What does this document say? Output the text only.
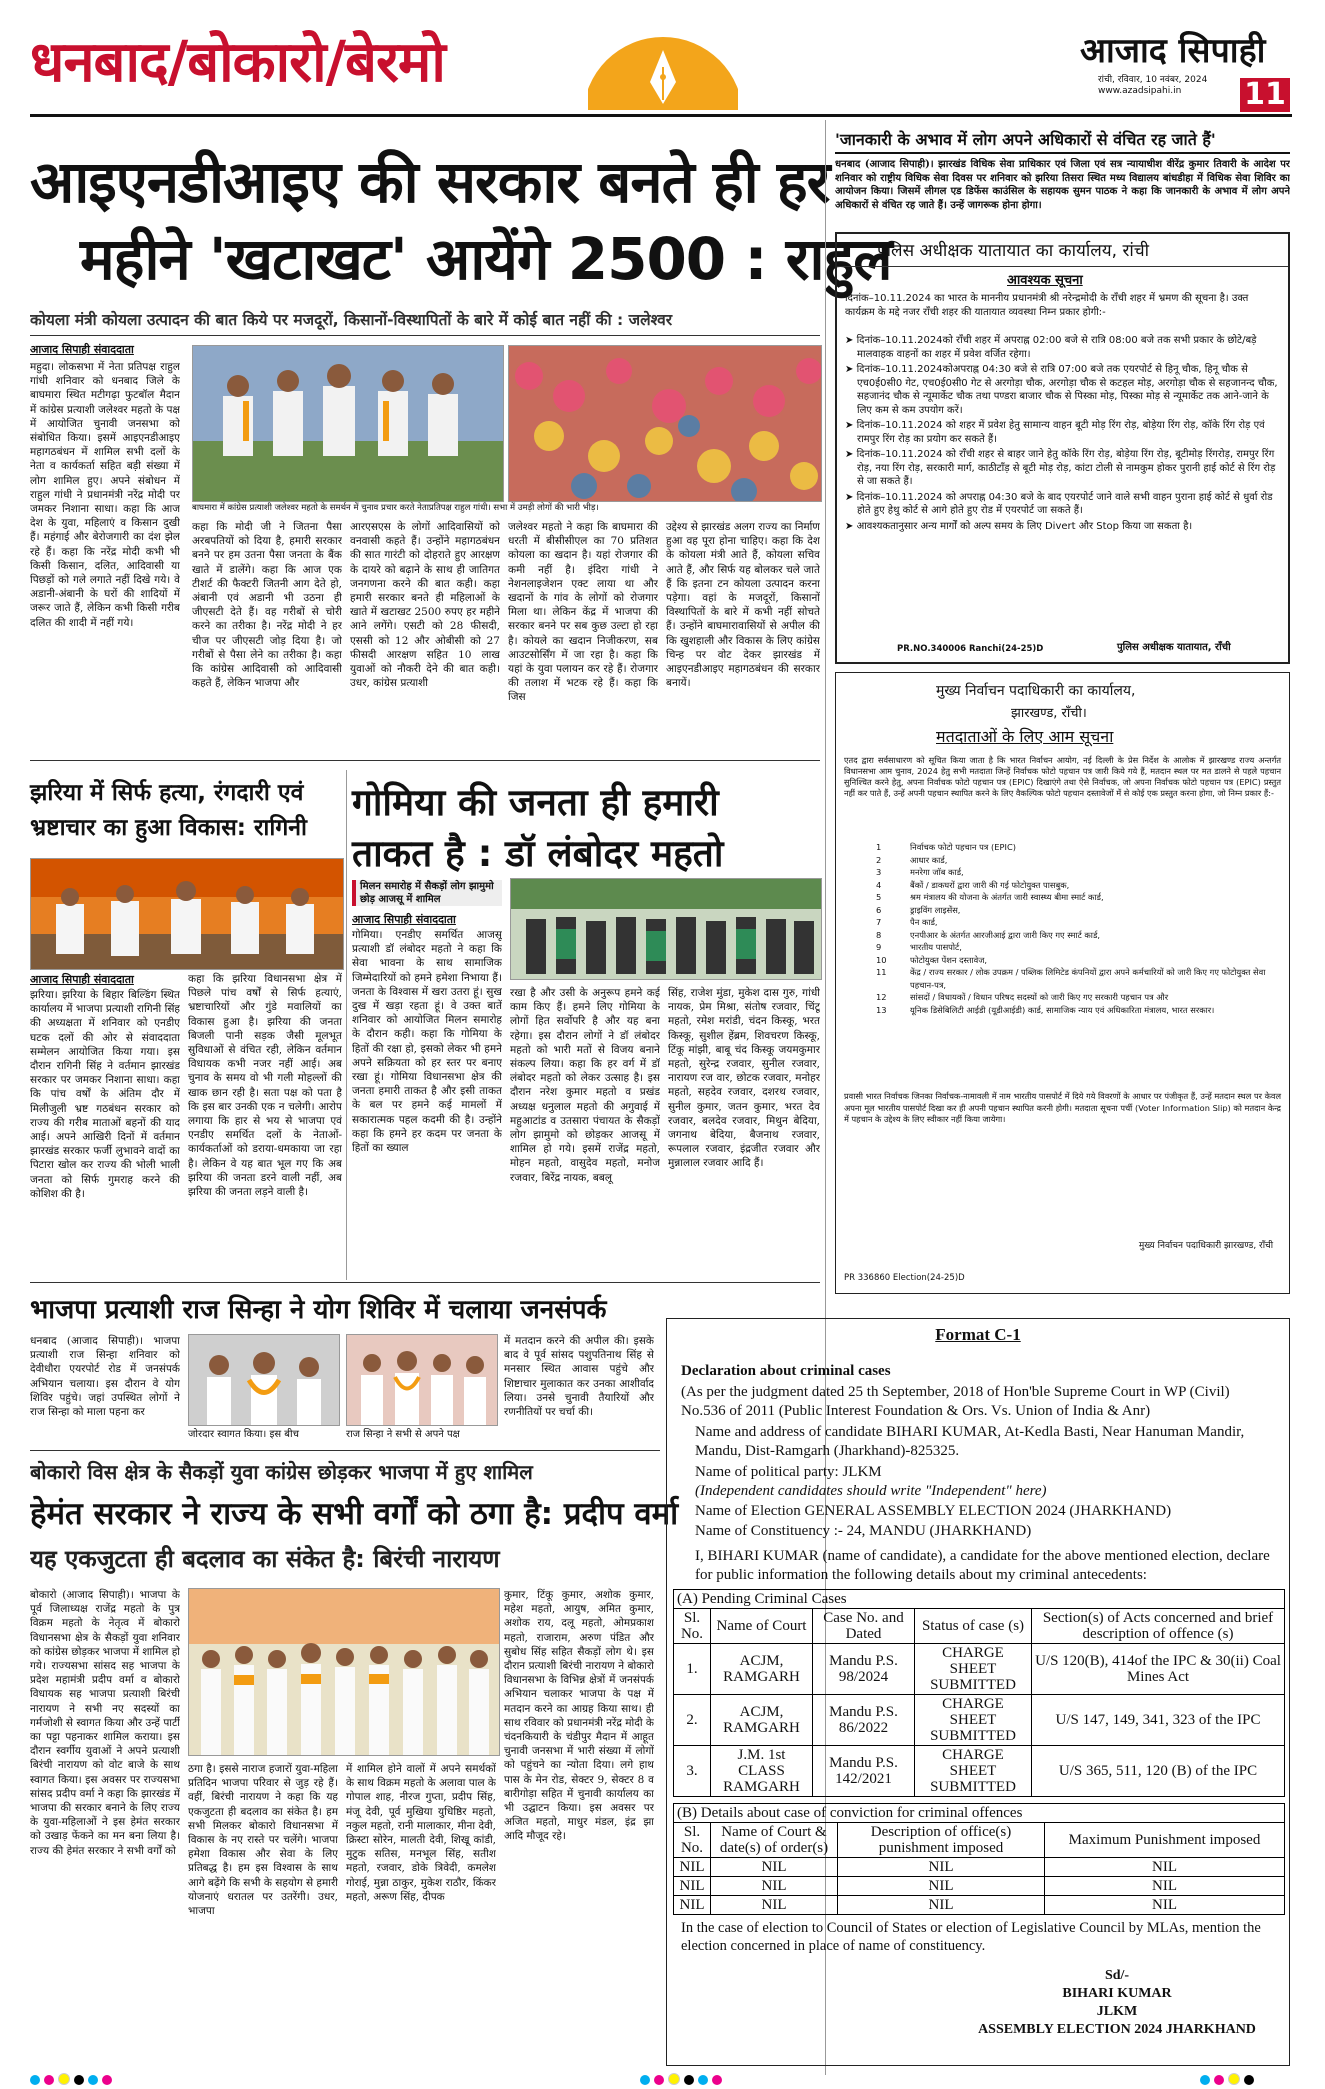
धनबाद/बोकारो/बेरमो	आजाद सिपाही
रांची, रविवार, 10 नवंबर, 2024
www.azadsipahi.in 11
आइएनडीआइए की सरकार बनते ही हर
महीने 'खटाखट' आयेंगे 2500 : राहुल
कोयला मंत्री कोयला उत्पादन की बात किये पर मजदूरों, किसानों-विस्थापितों के बारे में कोई बात नहीं की : जलेश्वर
आजाद सिपाही संवाददाता
महुदा। लोकसभा में नेता प्रतिपक्ष राहुल गांधी शनिवार को धनबाद जिले के बाघमारा स्थित मटीगढ़ा फुटबॉल मैदान में कांग्रेस प्रत्याशी जलेश्वर महतो के पक्ष में आयोजित चुनावी जनसभा को संबोधित किया। इसमें आइएनडीआइए महागठबंधन में शामिल सभी दलों के नेता व कार्यकर्ता सहित बड़ी संख्या में लोग शामिल हुए। अपने संबोधन में राहुल गांधी ने प्रधानमंत्री नरेंद्र मोदी पर जमकर निशाना साधा। कहा कि आज देश के युवा, महिलाएं व किसान दुखी हैं। महंगाई और बेरोजगारी का दंश झेल रहे हैं। कहा कि नरेंद्र मोदी कभी भी किसी किसान, दलित, आदिवासी या पिछड़ों को गले लगाते नहीं दिखे गये। वे अडानी-अंबानी के घरों की शादियों में जरूर जाते हैं, लेकिन कभी किसी गरीब दलित की शादी में नहीं गये।
बाघमारा में कांग्रेस प्रत्याशी जलेश्वर महतो के समर्थन में चुनाव प्रचार करते नेताप्रतिपक्ष राहुल गांधी। सभा में उमड़ी लोगों की भारी भीड़।
कहा कि मोदी जी ने जितना पैसा अरबपतियों को दिया है, हमारी सरकार बनने पर हम उतना पैसा जनता के बैंक खाते में डालेंगे। कहा कि आज एक टीशर्ट की फैक्टरी जितनी आग देते हो, अंबानी एवं अडानी भी उठना ही जीएसटी देते हैं। वह गरीबों से चोरी करने का तरीका है। नरेंद्र मोदी ने हर चीज पर जीएसटी जोड़ दिया है। जो गरीबों से पैसा लेने का तरीका है। कहा कि कांग्रेस आदिवासी को आदिवासी कहते हैं, लेकिन भाजपा और
आरएसएस के लोगों आदिवासियों को वनवासी कहते हैं। उन्होंने महागठबंधन की सात गारंटी को दोहराते हुए आरक्षण के दायरे को बढ़ाने के साथ ही जातिगत जनगणना करने की बात कही। कहा हमारी सरकार बनते ही महिलाओं के खाते में खटाखट 2500 रुपए हर महीने आने लगेंगे। एसटी को 28 फीसदी, एससी को 12 और ओबीसी को 27 फीसदी आरक्षण सहित 10 लाख युवाओं को नौकरी देने की बात कही। उधर, कांग्रेस प्रत्याशी
जलेश्वर महतो ने कहा कि बाघमारा की धरती में बीसीसीएल का 70 प्रतिशत कोयला का खदान है। यहां रोजगार की कमी नहीं है। इंदिरा गांधी ने नेशनलाइजेशन एक्ट लाया था और खदानों के गांव के लोगों को रोजगार मिला था। लेकिन केंद्र में भाजपा की सरकार बनने पर सब कुछ उल्टा हो रहा है। कोयले का खदान निजीकरण, सब आउटसोर्सिंग में जा रहा है। कहा कि यहां के युवा पलायन कर रहे हैं। रोजगार की तलाश में भटक रहे हैं। कहा कि जिस
उद्देश्य से झारखंड अलग राज्य का निर्माण हुआ वह पूरा होना चाहिए। कहा कि देश के कोयला मंत्री आते हैं, कोयला सचिव आते हैं, और सिर्फ यह बोलकर चले जाते हैं कि इतना टन कोयला उत्पादन करना पड़ेगा। वहां के मजदूरों, किसानों विस्थापितों के बारे में कभी नहीं सोचते हैं। उन्होंने बाघमारावासियों से अपील की कि खुशहाली और विकास के लिए कांग्रेस चिन्ह पर वोट देकर झारखंड में आइएनडीआइए महागठबंधन की सरकार बनायें।
'जानकारी के अभाव में लोग अपने अधिकारों से वंचित रह जाते हैं'
धनबाद (आजाद सिपाही)। झारखंड विधिक सेवा प्राधिकार एवं जिला एवं सत्र न्यायाधीश वीरेंद्र कुमार तिवारी के आदेश पर शनिवार को राष्ट्रीय विधिक सेवा दिवस पर शनिवार को झरिया तिसरा स्थित मध्य विद्यालय बांधडीहा में विधिक सेवा शिविर का आयोजन किया। जिसमें लीगल एड डिफेंस काउंसिल के सहायक सुमन पाठक ने कहा कि जानकारी के अभाव में लोग अपने अधिकारों से वंचित रह जाते हैं। उन्हें जागरूक होना होगा।
पुलिस अधीक्षक यातायात का कार्यालय, रांची
आवश्यक सूचना
दिनांक–10.11.2024 का भारत के माननीय प्रधानमंत्री श्री नरेन्द्रमोदी के रॉंची शहर में भ्रमण की सूचना है। उक्त कार्यक्रम के मद्दे नजर राँची शहर की यातायात व्यवस्था निम्न प्रकार होगी:-
➤ दिनांक–10.11.2024को राँची शहर में अपराह्न 02:00 बजे से रात्रि 08:00 बजे तक सभी प्रकार के छोटे/बड़े मालवाहक वाहनों का शहर में प्रवेश वर्जित रहेगा।
➤ दिनांक–10.11.2024कोअपराह्न 04:30 बजे से रात्रि 07:00 बजे तक एयरपोर्ट से हिनू चौक, हिनू चौक से एच0ई0सी0 गेट, एच0ई0सी0 गेट से अरगोड़ा चौक, अरगोड़ा चौक से कटहल मोड़, अरगोड़ा चौक से सहजानन्द चौक, सहजानंद चौक से न्यूमार्केट चौक तथा पण्डरा बाजार चौक से पिस्का मोड़, पिस्का मोड़ से न्यूमार्केट तक आने-जाने के लिए कम से कम उपयोग करें।
➤ दिनांक–10.11.2024 को शहर में प्रवेश हेतु सामान्य वाहन बूटी मोड़ रिंग रोड़, बोड़ेया रिंग रोड़, कॉके रिंग रोड़ एवं रामपुर रिंग रोड़ का प्रयोग कर सकते हैं।
➤ दिनांक–10.11.2024 को राँची शहर से बाहर जाने हेतु कॉके रिंग रोड़, बोड़ेया रिंग रोड़, बूटीमोड़ रिंगरोड़, रामपुर रिंग रोड़, नया रिंग रोड़, सरकारी मार्ग, काठीटाँड़ से बूटी मोड़ रोड़, कांटा टोली से नामकुम होकर पुरानी हाई कोर्ट से रिंग रोड़ से जा सकते हैं।
➤ दिनांक–10.11.2024 को अपराह्न 04:30 बजे के बाद एयरपोर्ट जाने वाले सभी वाहन पुराना हाई कोर्ट से धुर्वा रोड होते हुए हेथु कोर्ट से आगे होते हुए रोड में एयरपोर्ट जा सकते हैं।
➤ आवश्यकतानुसार अन्य मार्गों को अल्प समय के लिए Divert और Stop किया जा सकता है।
PR.NO.340006 Ranchi(24-25)D	पुलिस अधीक्षक यातायात, रॉंची
मुख्य निर्वाचन पदाधिकारी का कार्यालय,
झारखण्ड, राँची।
मतदाताओं के लिए आम सूचना
एतद द्वारा सर्वसाधारण को सूचित किया जाता है कि भारत निर्वाचन आयोग, नई दिल्ली के प्रेस निर्देश के आलोक में झारखण्ड राज्य अन्तर्गत विधानसभा आम चुनाव, 2024 हेतु सभी मतदाता जिन्हें निर्वाचक फोटो पहचान पत्र जारी किये गये हैं, मतदान स्थल पर मत डालने से पहले पहचान सुनिश्चित करने हेतु, अपना निर्वाचक फोटो पहचान पत्र (EPIC) दिखाएंगे तथा ऐसे निर्वाचक, जो अपना निर्वाचक फोटो पहचान पत्र (EPIC) प्रस्तुत नहीं कर पाते हैं, उन्हें अपनी पहचान स्थापित करने के लिए वैकल्पिक फोटो पहचान दस्तावेजों में से कोई एक प्रस्तुत करना होगा, जो निम्न प्रकार हैं:-
1	निर्वाचक फोटो पहचान पत्र (EPIC)
2	आधार कार्ड,
3	मनरेगा जॉब कार्ड,
4	बैंकों / डाकघरों द्वारा जारी की गई फोटोयुक्त पासबुक,
5	श्रम मंत्रालय की योजना के अंतर्गत जारी स्वास्थ्य बीमा स्मार्ट कार्ड,
6	ड्राइविंग लाइसेंस,
7	पैन कार्ड,
8	एनपीआर के अंतर्गत आरजीआई द्वारा जारी किए गए स्मार्ट कार्ड,
9	भारतीय पासपोर्ट,
10	फोटोयुक्त पेंशन दस्तावेज,
11	केंद्र / राज्य सरकार / लोक उपक्रम / पब्लिक लिमिटेड कंपनियों द्वारा अपने कर्मचारियों को जारी किए गए फोटोयुक्त सेवा पहचान-पत्र,
12	सांसदों / विधायकों / विधान परिषद सदस्यों को जारी किए गए सरकारी पहचान पत्र और
13	यूनिक डिसेबिलिटी आईडी (यूडीआईडी) कार्ड, सामाजिक न्याय एवं अधिकारिता मंत्रालय, भारत सरकार।
प्रवासी भारत निर्वाचक जिनका निर्वाचक-नामावली में नाम भारतीय पासपोर्ट में दिये गये विवरणों के आधार पर पंजीकृत हैं, उन्हें मतदान स्थल पर केवल अपना मूल भारतीय पासपोर्ट दिखा कर ही अपनी पहचान स्थापित करनी होगी। मतदाता सूचना पर्ची (Voter Information Slip) को मतदान केन्द्र में पहचान के उद्देश्य के लिए स्वीकार नहीं किया जायेगा।
मुख्य निर्वाचन पदाधिकारी झारखण्ड, रॉंची
PR 336860 Election(24-25)D
झरिया में सिर्फ हत्या, रंगदारी एवं
भ्रष्टाचार का हुआ विकास: रागिनी
आजाद सिपाही संवाददाता
झरिया। झरिया के बिहार बिल्डिंग स्थित कार्यालय में भाजपा प्रत्याशी रागिनी सिंह की अध्यक्षता में शनिवार को एनडीए घटक दलों की ओर से संवाददाता सम्मेलन आयोजित किया गया। इस दौरान रागिनी सिंह ने वर्तमान झारखंड सरकार पर जमकर निशाना साधा। कहा कि पांच वर्षों के अंतिम दौर में मिलीजुली भ्रष्ट गठबंधन सरकार को राज्य की गरीब माताओं बहनों की याद आई। अपने आखिरी दिनों में वर्तमान झारखंड सरकार फर्जी लुभावने वादों का पिटारा खोल कर राज्य की भोली भाली जनता को सिर्फ गुमराह करने की कोशिश की है।
कहा कि झरिया विधानसभा क्षेत्र में पिछले पांच वर्षों से सिर्फ हत्याएं, भ्रष्टाचारियों और गुंडे मवालियों का विकास हुआ है। झरिया की जनता बिजली पानी सड़क जैसी मूलभूत सुविधाओं से वंचित रही, लेकिन वर्तमान विधायक कभी नजर नहीं आई। अब चुनाव के समय वो भी गली मोहल्लों की खाक छान रही है। सता पक्ष को पता है कि इस बार उनकी एक न चलेगी। आरोप लगाया कि हार से भय से भाजपा एवं एनडीए समर्थित दलों के नेताओं-कार्यकर्ताओं को डराया-धमकाया जा रहा है। लेकिन वे यह बात भूल गए कि अब झरिया की जनता डरने वाली नहीं, अब झरिया की जनता लड़ने वाली है।
गोमिया की जनता ही हमारी
ताकत है : डॉ लंबोदर महतो
मिलन समारोह में सैकड़ों लोग झामुमो छोड़ आजसू में शामिल
आजाद सिपाही संवाददाता
गोमिया। एनडीए समर्थित आजसू प्रत्याशी डॉ लंबोदर महतो ने कहा कि सेवा भावना के साथ सामाजिक जिम्मेदारियों को हमने हमेशा निभाया हैं। जनता के विश्वास में खरा उतरा हूं। सुख दुख में खड़ा रहता हूं। वे उक्त बातें शनिवार को आयोजित मिलन समारोह के दौरान कही। कहा कि गोमिया के हितों की रक्षा हो, इसको लेकर भी हमने अपने सक्रियता को हर स्तर पर बनाए रखा हूं। गोमिया विधानसभा क्षेत्र की जनता हमारी ताकत है और इसी ताकत के बल पर हमने कई मामलों में सकारात्मक पहल कदमी की है। उन्होंने कहा कि हमने हर कदम पर जनता के हितों का ख्याल
रखा है और उसी के अनुरूप हमने कई काम किए हैं। हमने लिए गोमिया के लोगों हित सर्वोपरि है और यह बना रहेगा। इस दौरान लोगों ने डॉ लंबोदर महतो को भारी मतों से विजय बनाने संकल्प लिया। कहा कि हर वर्ग में डॉ लंबोदर महतो को लेकर उत्साह है। इस दौरान नरेश कुमार महतो व प्रखंड अध्यक्ष धनुलाल महतो की अगुवाई में महुआटांड व उतसारा पंचायत के सैकड़ों लोग झामुमो को छोड़कर आजसू में शामिल हो गये। इसमें राजेंद्र महतो, मोहन महतो, वासुदेव महतो, मनोज रजवार, बिरेंद्र नायक, बबलू
सिंह, राजेश मुंडा, मुकेश दास गुरु, गांधी नायक, प्रेम मिश्रा, संतोष रजवार, चिंटू महतो, रमेश मरांडी, चंदन किस्कू, भरत किस्कू, सुशील हेंब्रम, शिवचरण किस्कू, टिंकू मांझी, बाबू चंद किस्कू जयमकुमार महतो, सुरेन्द्र रजवार, सुनील रजवार, नारायण रज वार, छोटक रजवार, मनोहर महतो, सहदेव रजवार, दशरथ रजवार, सुनील कुमार, जतन कुमार, भरत देव रजवार, बलदेव रजवार, मिथुन बेदिया, जगनाथ बेदिया, बैजनाथ रजवार, रूपलाल रजवार, इंद्रजीत रजवार और मुन्नालाल रजवार आदि हैं।
भाजपा प्रत्याशी राज सिन्हा ने योग शिविर में चलाया जनसंपर्क
धनबाद (आजाद सिपाही)। भाजपा प्रत्याशी राज सिन्हा शनिवार को देवीधौरा एयरपोर्ट रोड में जनसंपर्क अभियान चलाया। इस दौरान वे योग शिविर पहुंचे। जहां उपस्थित लोगों ने राज सिन्हा को माला पहना कर
जोरदार स्वागत किया। इस बीच	राज सिन्हा ने सभी से अपने पक्ष
में मतदान करने की अपील की। इसके बाद वे पूर्व सांसद पशुपतिनाथ सिंह से मनसार स्थित आवास पहुंचे और शिष्टाचार मुलाकात कर उनका आशीर्वाद लिया। उनसे चुनावी तैयारियों और रणनीतियों पर चर्चा की।
बोकारो विस क्षेत्र के सैकड़ों युवा कांग्रेस छोड़कर भाजपा में हुए शामिल
हेमंत सरकार ने राज्य के सभी वर्गों को ठगा है: प्रदीप वर्मा
यह एकजुटता ही बदलाव का संकेत है: बिरंची नारायण
बोकारो (आजाद सिपाही)। भाजपा के पूर्व जिलाध्यक्ष राजेंद्र महतो के पुत्र विक्रम महतो के नेतृत्व में बोकारो विधानसभा क्षेत्र के सैकड़ों युवा शनिवार को कांग्रेस छोड़कर भाजपा में शामिल हो गये। राज्यसभा सांसद सह भाजपा के प्रदेश महामंत्री प्रदीप वर्मा व बोकारो विधायक सह भाजपा प्रत्याशी बिरंची नारायण ने सभी नए सदस्यों का गर्मजोशी से स्वागत किया और उन्हें पार्टी का पट्टा पहनाकर शामिल कराया। इस दौरान स्वर्गीय युवाओं ने अपने प्रत्याशी बिरंची नारायण को वोट बाजे के साथ स्वागत किया। इस अवसर पर राज्यसभा सांसद प्रदीप वर्मा ने कहा कि झारखंड में भाजपा की सरकार बनाने के लिए राज्य के युवा-महिलाओं ने इस हेमंत सरकार को उखाड़ फेंकने का मन बना लिया है। राज्य की हेमंत सरकार ने सभी वर्गों को
ठगा है। इससे नाराज हजारों युवा-महिला प्रतिदिन भाजपा परिवार से जुड़ रहे हैं। वहीं, बिरंची नारायण ने कहा कि यह एकजुटता ही बदलाव का संकेत है। हम सभी मिलकर बोकारो विधानसभा में विकास के नए रास्ते पर चलेंगे। भाजपा हमेशा विकास और सेवा के लिए प्रतिबद्ध है। हम इस विश्वास के साथ आगे बढ़ेंगे कि सभी के सहयोग से हमारी योजनाएं धरातल पर उतरेंगी। उधर, भाजपा
में शामिल होने वालों में अपने समर्थकों के साथ विक्रम महतो के अलावा पाल के गोपाल शाह, नीरज गुप्ता, प्रदीप सिंह, मंजू देवी, पूर्व मुखिया युधिष्ठिर महतो, नकुल महतो, रानी मालाकार, मीना देवी, क्रिस्टा सोरेन, मालती देवी, शिखू कांडी, मुटुक सतिस, मनभूल सिंह, सतीश महतो, रजवार, डोके त्रिवेदी, कमलेश गोराई, मुन्ना ठाकुर, मुकेश राठौर, किंकर महतो, अरूण सिंह, दीपक
कुमार, टिंकू कुमार, अशोक कुमार, महेश महतो, आयुष, अमित कुमार, अशोक राय, दलू महतो, ओमप्रकाश महतो, राजाराम, अरुण पंडित और सुबोध सिंह सहित सैकड़ों लोग थे। इस दौरान प्रत्याशी बिरंची नारायण ने बोकारो विधानसभा के विभिन्न क्षेत्रों में जनसंपर्क अभियान चलाकर भाजपा के पक्ष में मतदान करने का आग्रह किया साथ। ही साथ रविवार को प्रधानमंत्री नरेंद्र मोदी के चंदनकियारी के चंडीपुर मैदान में आहूत चुनावी जनसभा में भारी संख्या में लोगों को पहुंचने का न्योता दिया। लगे हाथ पास के मेन रोड, सेक्टर 9, सेक्टर 8 व बारीगोड़ा सहित में चुनावी कार्यालय का भी उद्घाटन किया। इस अवसर पर अजित महतो, माधुर मंडल, इंद्र झा आदि मौजूद रहे।
Format C-1
Declaration about criminal cases
(As per the judgment dated 25 th September, 2018 of Hon'ble Supreme Court in WP (Civil) No.536 of 2011 (Public Interest Foundation & Ors. Vs. Union of India & Anr)
Name and address of candidate BIHARI KUMAR, At-Kedla Basti, Near Hanuman Mandir, Mandu, Dist-Ramgarh (Jharkhand)-825325.
Name of political party: JLKM
(Independent candidates should write "Independent" here)
Name of Election GENERAL ASSEMBLY ELECTION 2024 (JHARKHAND)
Name of Constituency :- 24, MANDU (JHARKHAND)
I, BIHARI KUMAR (name of candidate), a candidate for the above mentioned election, declare for public information the following details about my criminal antecedents:
(A) Pending Criminal Cases				
Sl. No.	Name of Court	Case No. and Dated	Status of case (s)	Section(s) of Acts concerned and brief description of offence (s)
1.	ACJM, RAMGARH	Mandu P.S. 98/2024	CHARGE SHEET SUBMITTED	U/S 120(B), 414of the IPC & 30(ii) Coal Mines Act
2.	ACJM, RAMGARH	Mandu P.S. 86/2022	CHARGE SHEET SUBMITTED	U/S 147, 149, 341, 323 of the IPC
3.	J.M. 1st CLASS RAMGARH	Mandu P.S. 142/2021	CHARGE SHEET SUBMITTED	U/S 365, 511, 120 (B) of the IPC
(B) Details about case of conviction for criminal offences			
Sl. No.	Name of Court & date(s) of order(s)	Description of office(s) punishment imposed	Maximum Punishment imposed
NIL	NIL	NIL	NIL
NIL	NIL	NIL	NIL
NIL	NIL	NIL	NIL
In the case of election to Council of States or election of Legislative Council by MLAs, mention the election concerned in place of name of constituency.
Sd/-
BIHARI KUMAR
JLKM
ASSEMBLY ELECTION 2024 JHARKHAND
